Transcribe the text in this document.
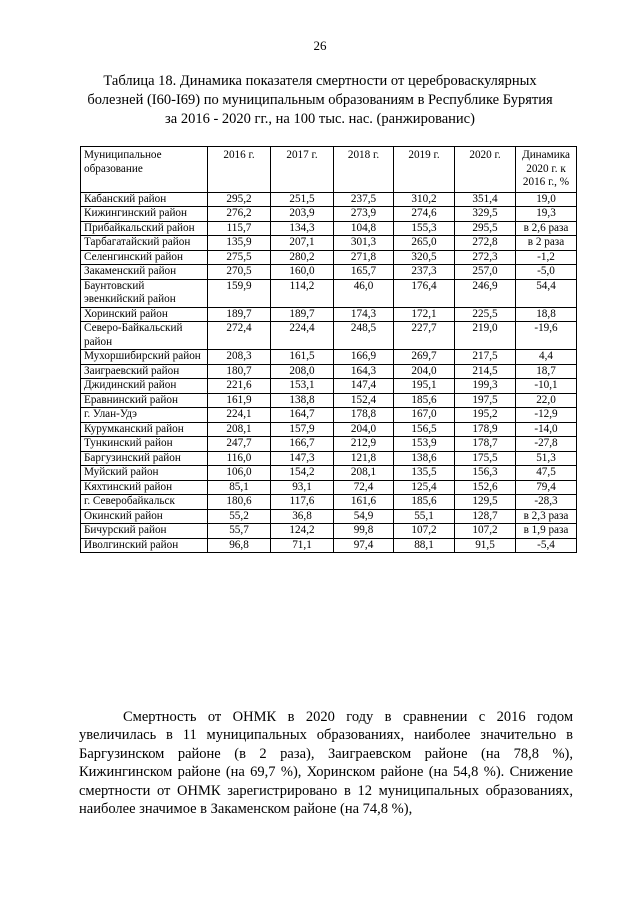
26
Таблица 18. Динамика показателя смертности от цереброваскулярных
болезней (I60-I69) по муниципальным образованиям в Республике Бурятия
за 2016 - 2020 гг., на 100 тыс. нас. (ранжированис)
Муниципальное образование	2016 г.	2017 г.	2018 г.	2019 г.	2020 г.	Динамика 2020 г. к 2016 г., %
Кабанский район	295,2	251,5	237,5	310,2	351,4	19,0
Кижингинский район	276,2	203,9	273,9	274,6	329,5	19,3
Прибайкальский район	115,7	134,3	104,8	155,3	295,5	в 2,6 раза
Тарбагатайский район	135,9	207,1	301,3	265,0	272,8	в 2 раза
Селенгинский район	275,5	280,2	271,8	320,5	272,3	-1,2
Закаменский район	270,5	160,0	165,7	237,3	257,0	-5,0
Баунтовский эвенкийский район	159,9	114,2	46,0	176,4	246,9	54,4
Хоринский район	189,7	189,7	174,3	172,1	225,5	18,8
Северо-Байкальский район	272,4	224,4	248,5	227,7	219,0	-19,6
Мухоршибирский район	208,3	161,5	166,9	269,7	217,5	4,4
Заиграевский район	180,7	208,0	164,3	204,0	214,5	18,7
Джидинский район	221,6	153,1	147,4	195,1	199,3	-10,1
Еравнинский район	161,9	138,8	152,4	185,6	197,5	22,0
г. Улан-Удэ	224,1	164,7	178,8	167,0	195,2	-12,9
Курумканский район	208,1	157,9	204,0	156,5	178,9	-14,0
Тункинский район	247,7	166,7	212,9	153,9	178,7	-27,8
Баргузинский район	116,0	147,3	121,8	138,6	175,5	51,3
Муйский район	106,0	154,2	208,1	135,5	156,3	47,5
Кяхтинский район	85,1	93,1	72,4	125,4	152,6	79,4
г. Северобайкальск	180,6	117,6	161,6	185,6	129,5	-28,3
Окинский район	55,2	36,8	54,9	55,1	128,7	в 2,3 раза
Бичурский район	55,7	124,2	99,8	107,2	107,2	в 1,9 раза
Иволгинский район	96,8	71,1	97,4	88,1	91,5	-5,4
Смертность от ОНМК в 2020 году в сравнении с 2016 годом увеличилась в 11 муниципальных образованиях, наиболее значительно в Баргузинском районе (в 2 раза), Заиграевском районе (на 78,8 %), Кижингинском районе (на 69,7 %), Хоринском районе (на 54,8 %). Снижение смертности от ОНМК зарегистрировано в 12 муниципальных образованиях, наиболее значимое в Закаменском районе (на 74,8 %),
